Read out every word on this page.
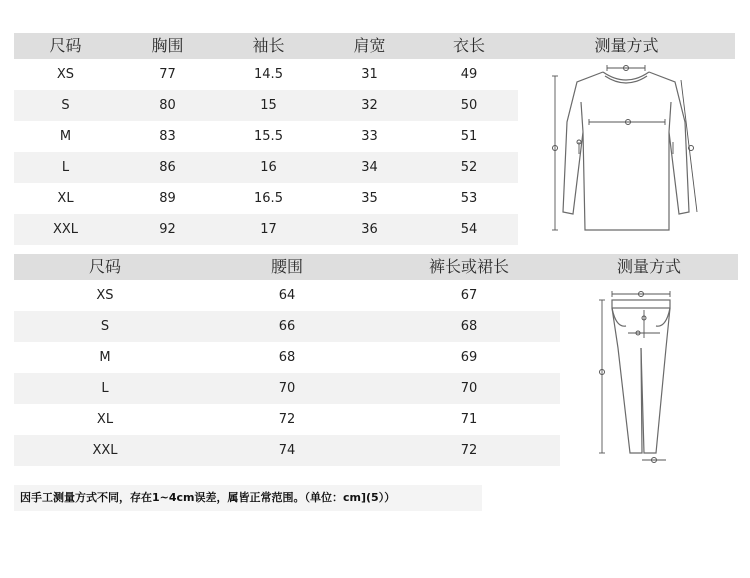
尺码	胸围	袖长	肩宽	衣长	测量方式
XS	77	14.5	31	49
S	80	15	32	50
M	83	15.5	33	51
L	86	16	34	52
XL	89	16.5	35	53
XXL	92	17	36	54
尺码	腰围	裤长或裙长	测量方式
XS	64	67
S	66	68
M	68	69
L	70	70
XL	72	71
XXL	74	72
因手工测量方式不同，存在1~4cm误差，属皆正常范围。（单位：cm](5））
